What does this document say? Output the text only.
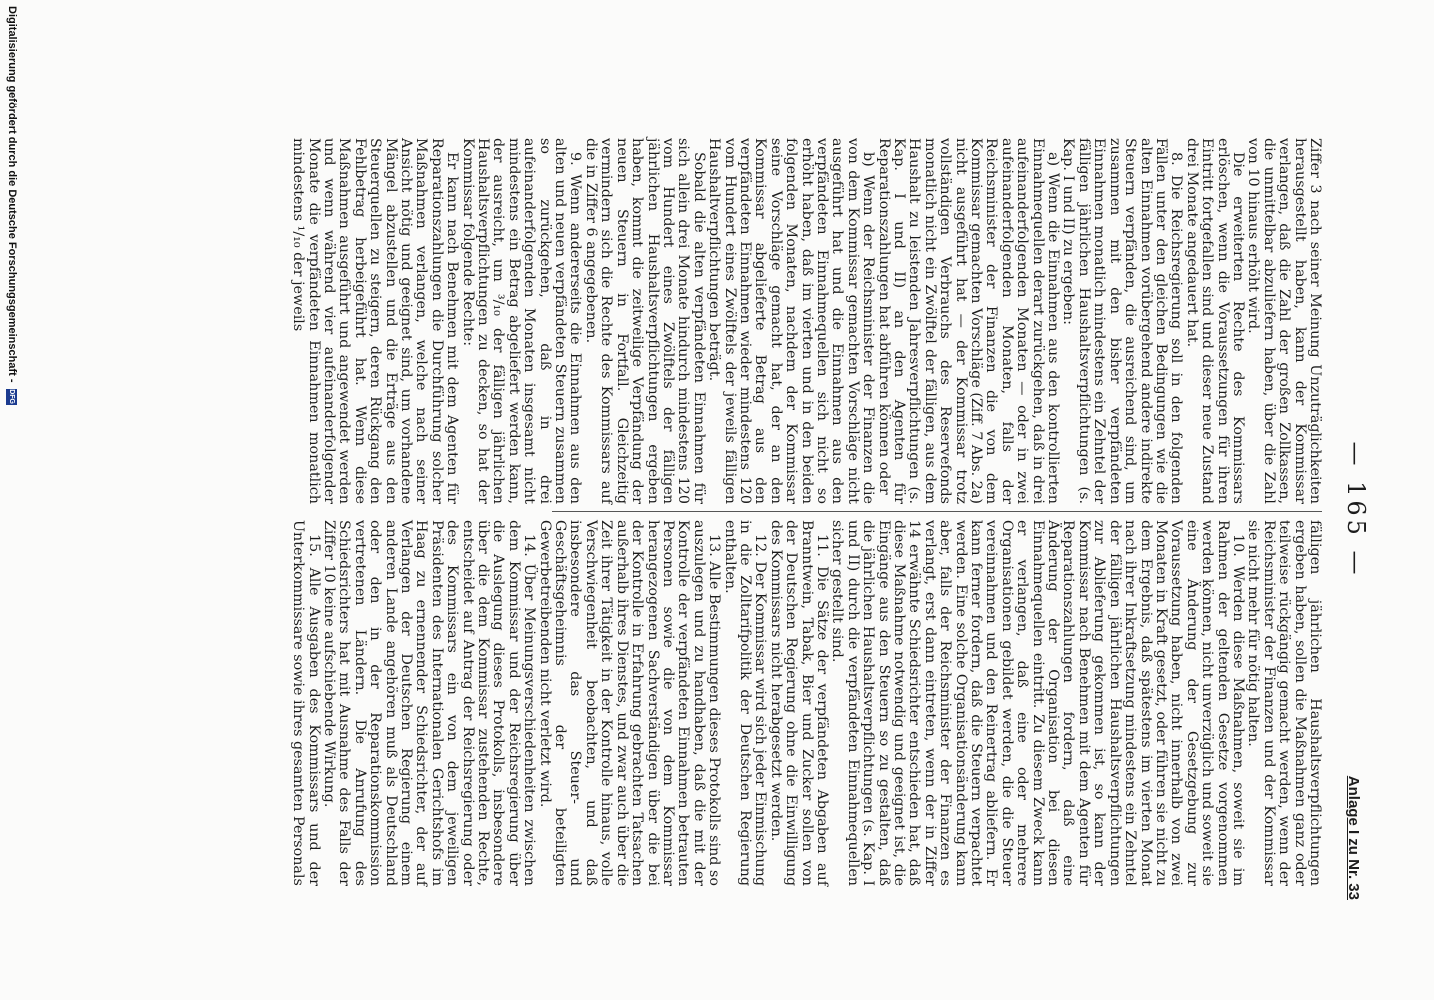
— 165 —
Anlage I zu Nr. 33

Ziffer 3 nach seiner Meinung Unzuträglichkeiten herausgestellt haben, kann der Kommissar verlangen, daß die Zahl der großen Zollkassen, die unmittelbar abzuliefern haben, über die Zahl von 10 hinaus erhöht wird.

Die erweiterten Rechte des Kommissars erlöschen, wenn die Voraussetzungen für ihren Eintritt fortgefallen sind und dieser neue Zustand drei Monate angedauert hat.

8. Die Reichsregierung soll in den folgenden Fällen unter den gleichen Bedingungen wie die alten Einnahmen vorübergehend andere indirekte Steuern verpfänden, die ausreichend sind, um zusammen mit den bisher verpfändeten Einnahmen monatlich mindestens ein Zehntel der fälligen jährlichen Haushaltsverpflichtungen (s. Kap. I und II) zu ergeben:

a) Wenn die Einnahmen aus den kontrollierten Einnahmequellen derart zurückgehen, daß in drei aufeinanderfolgenden Monaten — oder in zwei aufeinanderfolgenden Monaten, falls der Reichsminister der Finanzen die von dem Kommissar gemachten Vorschläge (Ziff. 7 Abs. 2a) nicht ausgeführt hat — der Kommissar trotz vollständigen Verbrauchs des Reservefonds monatlich nicht ein Zwölftel der fälligen, aus dem Haushalt zu leistenden Jahresverpflichtungen (s. Kap. I und II) an den Agenten für Reparationszahlungen hat abführen können oder

b) Wenn der Reichsminister der Finanzen die von dem Kommissar gemachten Vorschläge nicht ausgeführt hat und die Einnahmen aus den verpfändeten Einnahmequellen sich nicht so erhöht haben, daß im vierten und in den beiden folgenden Monaten, nachdem der Kommissar seine Vorschläge gemacht hat, der an den Kommissar abgelieferte Betrag aus den verpfändeten Einnahmen wieder mindestens 120 vom Hundert eines Zwölftels der jeweils fälligen Haushaltverpflichtungen beträgt.

Sobald die alten verpfändeten Einnahmen für sich allein drei Monate hindurch mindestens 120 vom Hundert eines Zwölftels der fälligen jährlichen Haushaltsverpflichtungen ergeben haben, kommt die zeitweilige Verpfändung der neuen Steuern in Fortfall. Gleichzeitig vermindern sich die Rechte des Kommissars auf die in Ziffer 6 angegebenen.

9. Wenn andererseits die Einnahmen aus den alten und neuen verpfändeten Steuern zusammen so zurückgehen, daß in drei aufeinanderfolgenden Monaten insgesamt nicht mindestens ein Betrag abgeliefert werden kann, der ausreicht, um ³/₁₀ der fälligen jährlichen Haushaltsverpflichtungen zu decken, so hat der Kommissar folgende Rechte:

Er kann nach Benehmen mit dem Agenten für Reparationszahlungen die Durchführung solcher Maßnahmen verlangen, welche nach seiner Ansicht nötig und geeignet sind, um vorhandene Mängel abzustellen und die Erträge aus den Steuerquellen zu steigern, deren Rückgang den Fehlbetrag herbeigeführt hat. Wenn diese Maßnahmen ausgeführt und angewendet werden und wenn während vier aufeinanderfolgender Monate die verpfändeten Einnahmen monatlich mindestens ¹/₁₀ der jeweils

fälligen jährlichen Haushaltsverpflichtungen ergeben haben, sollen die Maßnahmen ganz oder teilweise rückgängig gemacht werden, wenn der Reichsminister der Finanzen und der Kommissar sie nicht mehr für nötig halten.

10. Werden diese Maßnahmen, soweit sie im Rahmen der geltenden Gesetze vorgenommen werden können, nicht unverzüglich und soweit sie eine Änderung der Gesetzgebung zur Voraussetzung haben, nicht innerhalb von zwei Monaten in Kraft gesetzt, oder führen sie nicht zu dem Ergebnis, daß spätestens im vierten Monat nach ihrer Inkraftsetzung mindestens ein Zehntel der fälligen jährlichen Haushaltsverpflichtungen zur Ablieferung gekommen ist, so kann der Kommissar nach Benehmen mit dem Agenten für Reparationszahlungen fordern, daß eine Änderung der Organisation bei diesen Einnahmequellen eintritt. Zu diesem Zweck kann er verlangen, daß eine oder mehrere Organisationen gebildet werden, die die Steuer vereinnahmen und den Reinertrag abliefern. Er kann ferner fordern, daß die Steuern verpachtet werden. Eine solche Organisationsänderung kann aber, falls der Reichsminister der Finanzen es verlangt, erst dann eintreten, wenn der in Ziffer 14 erwähnte Schiedsrichter entschieden hat, daß diese Maßnahme notwendig und geeignet ist, die Eingänge aus den Steuern so zu gestalten, daß die jährlichen Haushaltsverpflichtungen (s. Kap. I und II) durch die verpfändeten Einnahmequellen sicher gestellt sind.

11. Die Sätze der verpfändeten Abgaben auf Branntwein, Tabak, Bier und Zucker sollen von der Deutschen Regierung ohne die Einwilligung des Kommissars nicht herabgesetzt werden.

12. Der Kommissar wird sich jeder Einmischung in die Zolltarifpolitik der Deutschen Regierung enthalten.

13. Alle Bestimmungen dieses Protokolls sind so auszulegen und zu handhaben, daß die mit der Kontrolle der verpfändeten Einnahmen betrauten Personen sowie die von dem Kommissar herangezogenen Sachverständigen über die bei der Kontrolle in Erfahrung gebrachten Tatsachen außerhalb ihres Dienstes, und zwar auch über die Zeit ihrer Tätigkeit in der Kontrolle hinaus, volle Verschwiegenheit beobachten, und daß insbesondere das Steuer- und Geschäftsgeheimnis der beteiligten Gewerbetreibenden nicht verletzt wird.

14. Über Meinungsverschiedenheiten zwischen dem Kommissar und der Reichsregierung über die Auslegung dieses Protokolls, insbesondere über die dem Kommissar zustehenden Rechte, entscheidet auf Antrag der Reichsregierung oder des Kommissars ein von dem jeweiligen Präsidenten des Internationalen Gerichtshofs im Haag zu ernennender Schiedsrichter, der auf Verlangen der Deutschen Regierung einem anderen Lande angehören muß als Deutschland oder den in der Reparationskommission vertretenen Ländern. Die Anrufung des Schiedsrichters hat mit Ausnahme des Falls der Ziffer 10 keine aufschiebende Wirkung.

15. Alle Ausgaben des Kommissars und der Unterkommissare sowie ihres gesamten Personals

Digitalisierung gefördert durch die Deutsche Forschungsgemeinschaft - DFG
